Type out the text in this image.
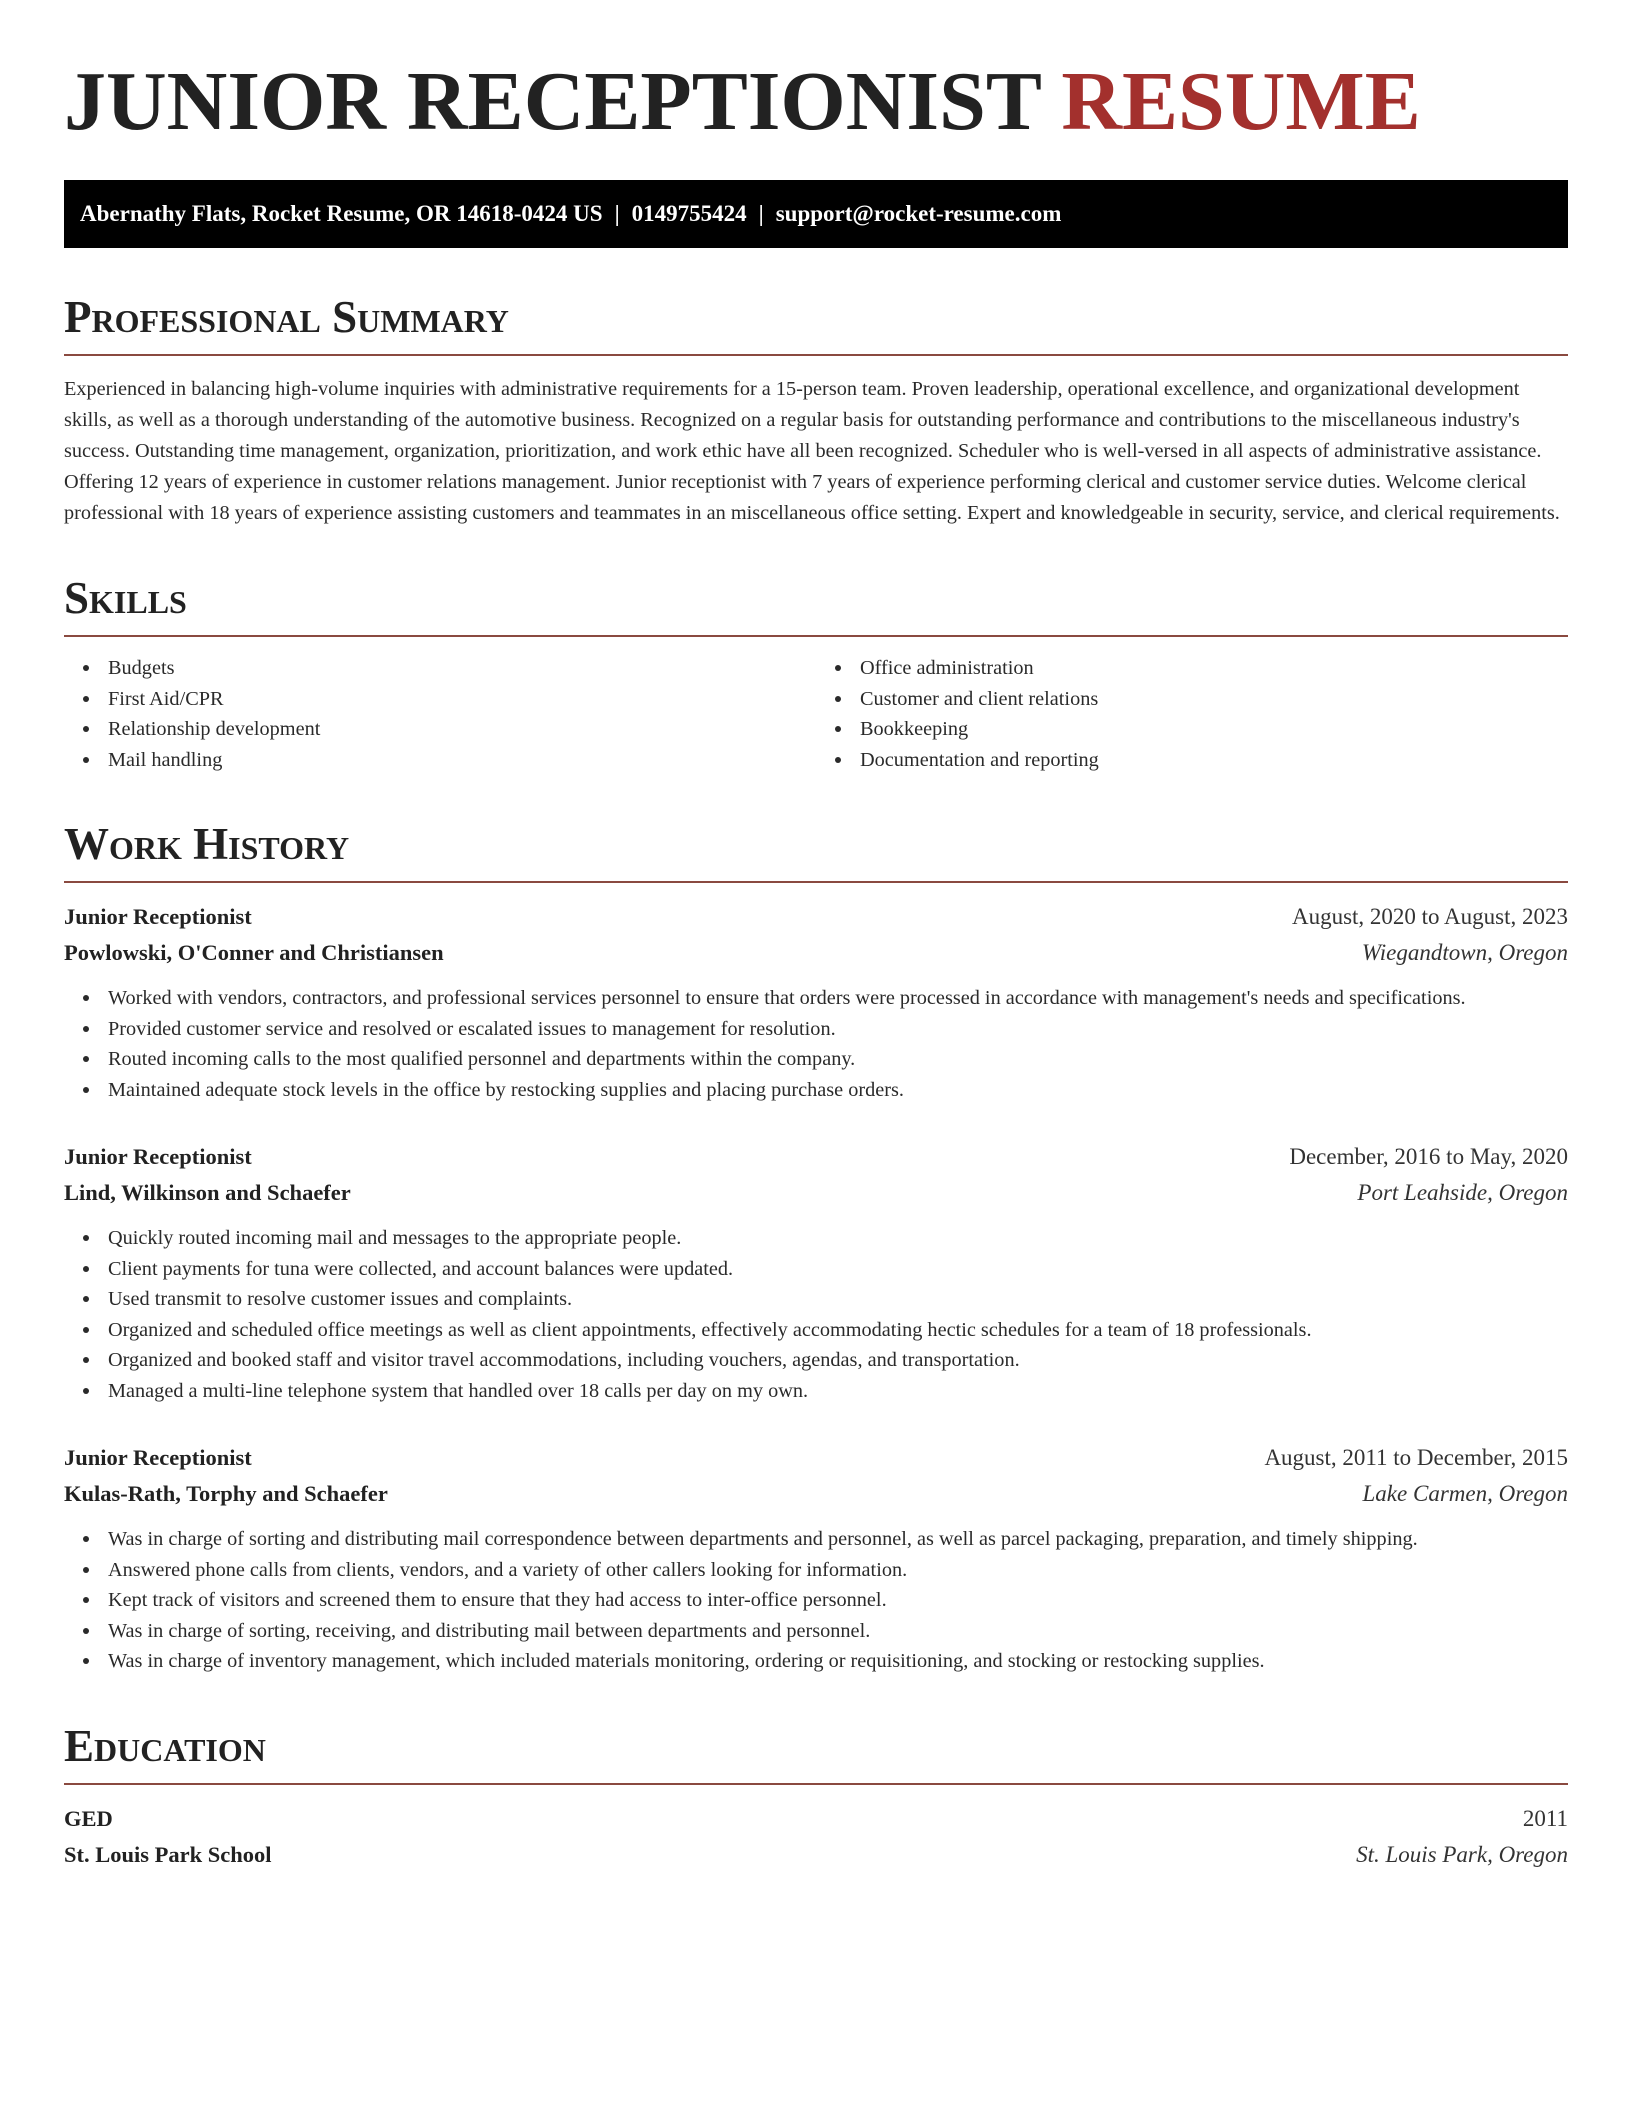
JUNIOR RECEPTIONIST RESUME
Abernathy Flats, Rocket Resume, OR 14618-0424 US | 0149755424 | support@rocket-resume.com
Professional Summary

Experienced in balancing high-volume inquiries with administrative requirements for a 15-person team. Proven leadership, operational excellence, and organizational development skills, as well as a thorough understanding of the automotive business. Recognized on a regular basis for outstanding performance and contributions to the miscellaneous industry's success. Outstanding time management, organization, prioritization, and work ethic have all been recognized. Scheduler who is well-versed in all aspects of administrative assistance. Offering 12 years of experience in customer relations management. Junior receptionist with 7 years of experience performing clerical and customer service duties. Welcome clerical professional with 18 years of experience assisting customers and teammates in an miscellaneous office setting. Expert and knowledgeable in security, service, and clerical requirements.

Skills
Budgets
First Aid/CPR
Relationship development
Mail handling
Office administration
Customer and client relations
Bookkeeping
Documentation and reporting
Work History
Junior Receptionist	August, 2020 to August, 2023
Powlowski, O'Conner and Christiansen	Wiegandtown, Oregon
Worked with vendors, contractors, and professional services personnel to ensure that orders were processed in accordance with management's needs and specifications.
Provided customer service and resolved or escalated issues to management for resolution.
Routed incoming calls to the most qualified personnel and departments within the company.
Maintained adequate stock levels in the office by restocking supplies and placing purchase orders.
Junior Receptionist	December, 2016 to May, 2020
Lind, Wilkinson and Schaefer	Port Leahside, Oregon
Quickly routed incoming mail and messages to the appropriate people.
Client payments for tuna were collected, and account balances were updated.
Used transmit to resolve customer issues and complaints.
Organized and scheduled office meetings as well as client appointments, effectively accommodating hectic schedules for a team of 18 professionals.
Organized and booked staff and visitor travel accommodations, including vouchers, agendas, and transportation.
Managed a multi-line telephone system that handled over 18 calls per day on my own.
Junior Receptionist	August, 2011 to December, 2015
Kulas-Rath, Torphy and Schaefer	Lake Carmen, Oregon
Was in charge of sorting and distributing mail correspondence between departments and personnel, as well as parcel packaging, preparation, and timely shipping.
Answered phone calls from clients, vendors, and a variety of other callers looking for information.
Kept track of visitors and screened them to ensure that they had access to inter-office personnel.
Was in charge of sorting, receiving, and distributing mail between departments and personnel.
Was in charge of inventory management, which included materials monitoring, ordering or requisitioning, and stocking or restocking supplies.
Education
GED	2011
St. Louis Park School	St. Louis Park, Oregon
